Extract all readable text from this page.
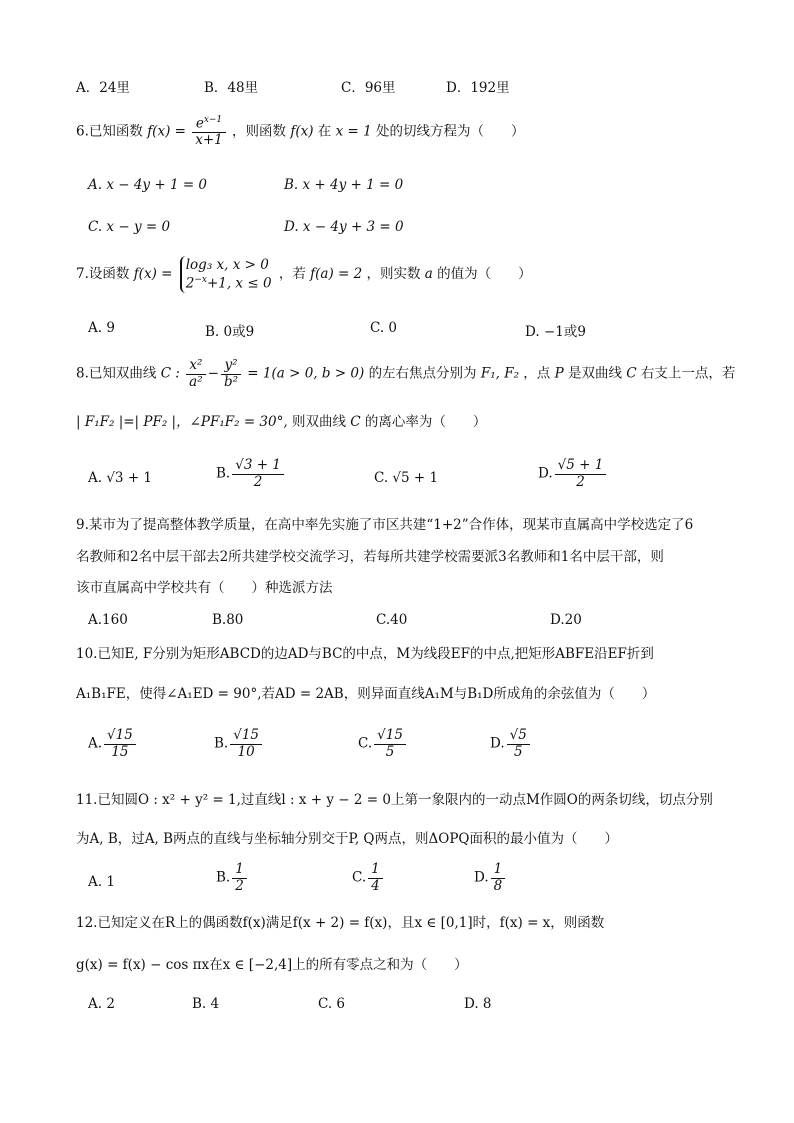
A．24里	B．48里	C．96里	D．192里
6.已知函数 $f(x) = \frac{e^{x-1}}{x+1}$ ，则函数 f(x) 在 x = 1 处的切线方程为（　　）
A. x − 4y + 1 = 0	B. x + 4y + 1 = 0
C. x − y = 0	D. x − 4y + 3 = 0
7.设函数 f(x) =
log₃ x, x > 0
$2^{-x}+1$, x ≤ 0
，若 f(a) = 2 ，则实数 a 的值为（　　）
A. 9	B. 0或9	C. 0	D. −1或9
8.已知双曲线 C : $\frac{\text{x²}}{\text{a²}} - \frac{\text{y²}}{\text{b²}} = 1(a > 0$, b > 0) 的左右焦点分别为 F₁, F₂ ，点 P 是双曲线 C 右支上一点，若
| F₁F₂ |=| PF₂ |，∠PF₁F₂ = 30°, 则双曲线 C 的离心率为（　　）
A. √3 + 1	B. $\frac{√3 + 1}{2}$	C. √5 + 1	D. $\frac{√5 + 1}{2}$
9.某市为了提高整体教学质量，在高中率先实施了市区共建“1+2”合作体，现某市直属高中学校选定了6
名教师和2名中层干部去2所共建学校交流学习，若每所共建学校需要派3名教师和1名中层干部，则
该市直属高中学校共有（　　）种选派方法
A.160	B.80	C.40	D.20
10.已知E, F分别为矩形ABCD的边AD与BC的中点，M为线段EF的中点,把矩形ABFE沿EF折到
A₁B₁FE，使得∠A₁ED = 90°,若AD = 2AB，则异面直线A₁M与B₁D所成角的余弦值为（　　）
A. $\frac{√15}{15}$	B. $\frac{√15}{10}$	C. $\frac{√15}{5}$	D. $\frac{√5}{5}$
11.已知圆O : x² + y² = 1,过直线l : x + y − 2 = 0上第一象限内的一动点M作圆O的两条切线，切点分别
为A, B，过A, B两点的直线与坐标轴分别交于P, Q两点，则ΔOPQ面积的最小值为（　　）
A. 1	B. $\frac{1}{2}$	C. $\frac{1}{4}$	D. $\frac{1}{8}$
12.已知定义在R上的偶函数f(x)满足f(x + 2) = f(x)，且x ∈ [0,1]时，f(x) = x，则函数
g(x) = f(x) − cos πx在x ∈ [−2,4]上的所有零点之和为（　　）
A. 2	B. 4	C. 6	D. 8
